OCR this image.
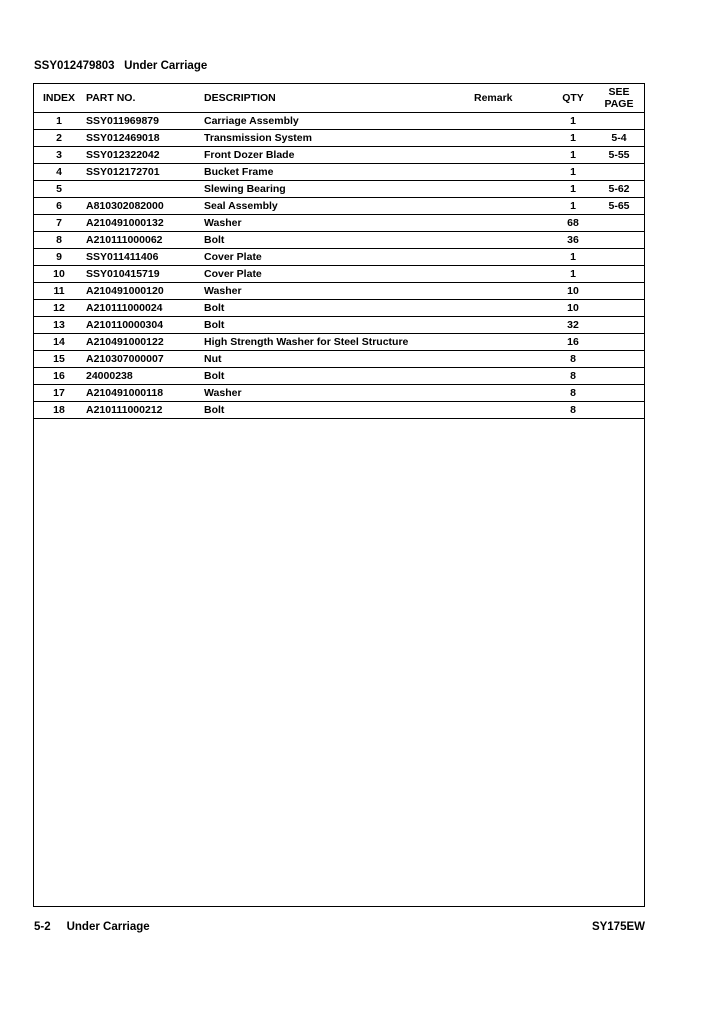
SSY012479803   Under Carriage
INDEX	PART NO.	DESCRIPTION	Remark	QTY	SEE
PAGE

1	SSY011969879	Carriage Assembly		1	
2	SSY012469018	Transmission System		1	5-4
3	SSY012322042	Front Dozer Blade		1	5-55
4	SSY012172701	Bucket Frame		1	
5		Slewing Bearing		1	5-62
6	A810302082000	Seal Assembly		1	5-65
7	A210491000132	Washer		68	
8	A210111000062	Bolt		36	
9	SSY011411406	Cover Plate		1	
10	SSY010415719	Cover Plate		1	
11	A210491000120	Washer		10	
12	A210111000024	Bolt		10	
13	A210110000304	Bolt		32	
14	A210491000122	High Strength Washer for Steel Structure		16	
15	A210307000007	Nut		8	
16	24000238	Bolt		8	
17	A210491000118	Washer		8	
18	A210111000212	Bolt		8	
5-2     Under Carriage	SY175EW
